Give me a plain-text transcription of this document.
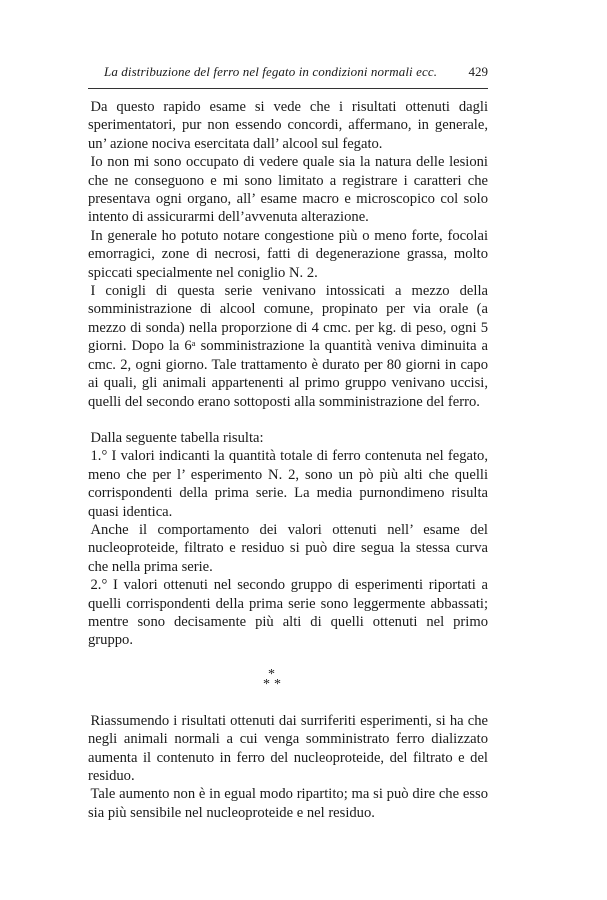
La distribuzione del ferro nel fegato in condizioni normali ecc. 429

Da questo rapido esame si vede che i risultati ottenuti dagli sperimentatori, pur non essendo concordi, affermano, in generale, un’ azione nociva esercitata dall’ alcool sul fegato.

Io non mi sono occupato di vedere quale sia la natura delle lesioni che ne conseguono e mi sono limitato a registrare i caratteri che presentava ogni organo, all’ esame macro e microscopico col solo intento di assicurarmi dell’avvenuta alterazione.

In generale ho potuto notare congestione più o meno forte, focolai emorragici, zone di necrosi, fatti di degenerazione grassa, molto spiccati specialmente nel coniglio N. 2.

I conigli di questa serie venivano intossicati a mezzo della somministrazione di alcool comune, propinato per via orale (a mezzo di sonda) nella proporzione di 4 cmc. per kg. di peso, ogni 5 giorni. Dopo la 6ᵃ somministrazione la quantità veniva diminuita a cmc. 2, ogni giorno. Tale trattamento è durato per 80 giorni in capo ai quali, gli animali appartenenti al primo gruppo venivano uccisi, quelli del secondo erano sottoposti alla somministrazione del ferro.

Dalla seguente tabella risulta:

1.° I valori indicanti la quantità totale di ferro contenuta nel fegato, meno che per l’ esperimento N. 2, sono un pò più alti che quelli corrispondenti della prima serie. La media purnondimeno risulta quasi identica.

Anche il comportamento dei valori ottenuti nell’ esame del nucleoproteide, filtrato e residuo si può dire segua la stessa curva che nella prima serie.

2.° I valori ottenuti nel secondo gruppo di esperimenti riportati a quelli corrispondenti della prima serie sono leggermente abbassati; mentre sono decisamente più alti di quelli ottenuti nel primo gruppo.

*
* *

Riassumendo i risultati ottenuti dai surriferiti esperimenti, si ha che negli animali normali a cui venga somministrato ferro dializzato aumenta il contenuto in ferro del nucleoproteide, del filtrato e del residuo.

Tale aumento non è in egual modo ripartito; ma si può dire che esso sia più sensibile nel nucleoproteide e nel residuo.
